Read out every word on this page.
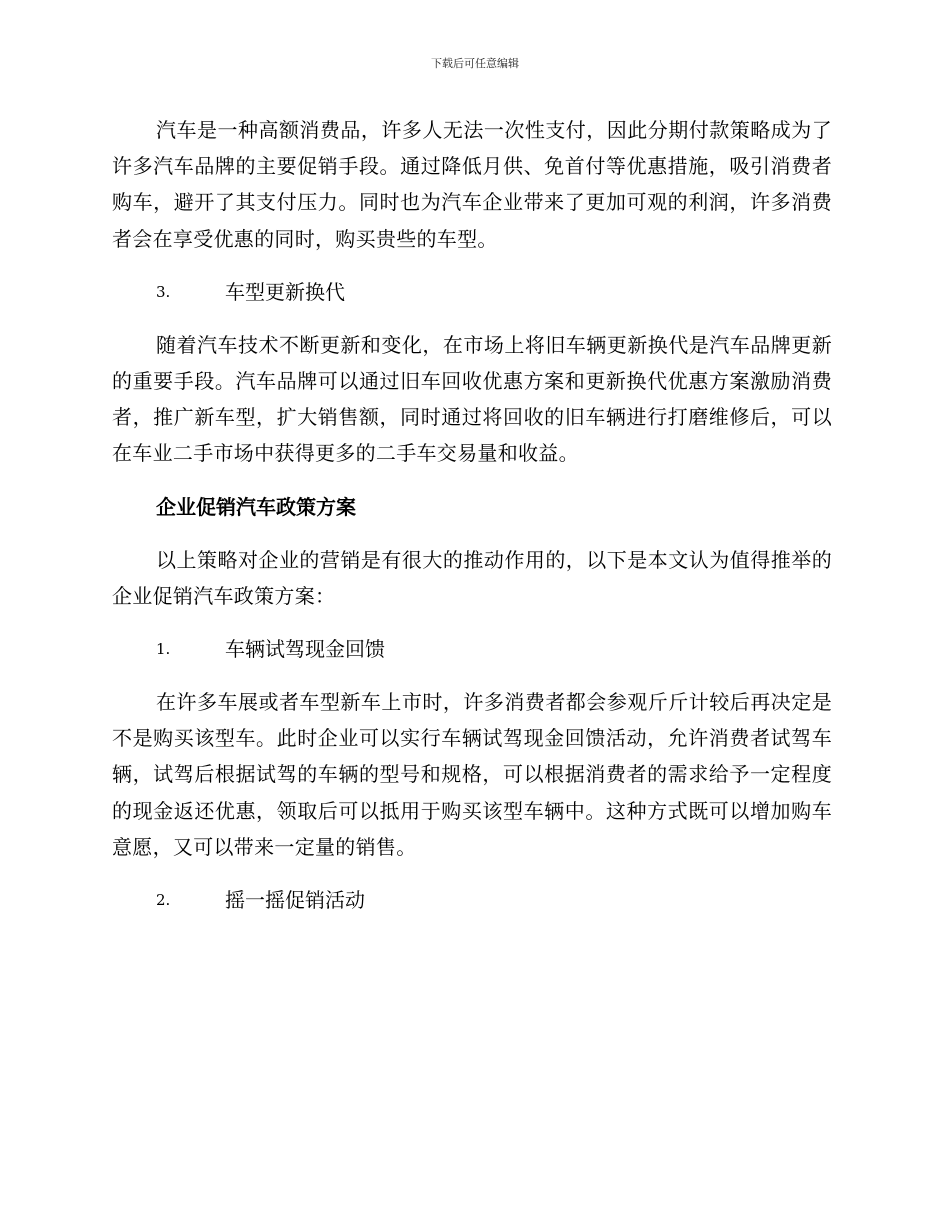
下载后可任意编辑

汽车是一种高额消费品，许多人无法一次性支付，因此分期付款策略成为了许多汽车品牌的主要促销手段。通过降低月供、免首付等优惠措施，吸引消费者购车，避开了其支付压力。同时也为汽车企业带来了更加可观的利润，许多消费者会在享受优惠的同时，购买贵些的车型。

3.	车型更新换代

随着汽车技术不断更新和变化，在市场上将旧车辆更新换代是汽车品牌更新的重要手段。汽车品牌可以通过旧车回收优惠方案和更新换代优惠方案激励消费者，推广新车型，扩大销售额，同时通过将回收的旧车辆进行打磨维修后，可以在车业二手市场中获得更多的二手车交易量和收益。

企业促销汽车政策方案

以上策略对企业的营销是有很大的推动作用的，以下是本文认为值得推举的企业促销汽车政策方案：

1.	车辆试驾现金回馈

在许多车展或者车型新车上市时，许多消费者都会参观斤斤计较后再决定是不是购买该型车。此时企业可以实行车辆试驾现金回馈活动，允许消费者试驾车辆，试驾后根据试驾的车辆的型号和规格，可以根据消费者的需求给予一定程度的现金返还优惠，领取后可以抵用于购买该型车辆中。这种方式既可以增加购车意愿，又可以带来一定量的销售。

2.	摇一摇促销活动
